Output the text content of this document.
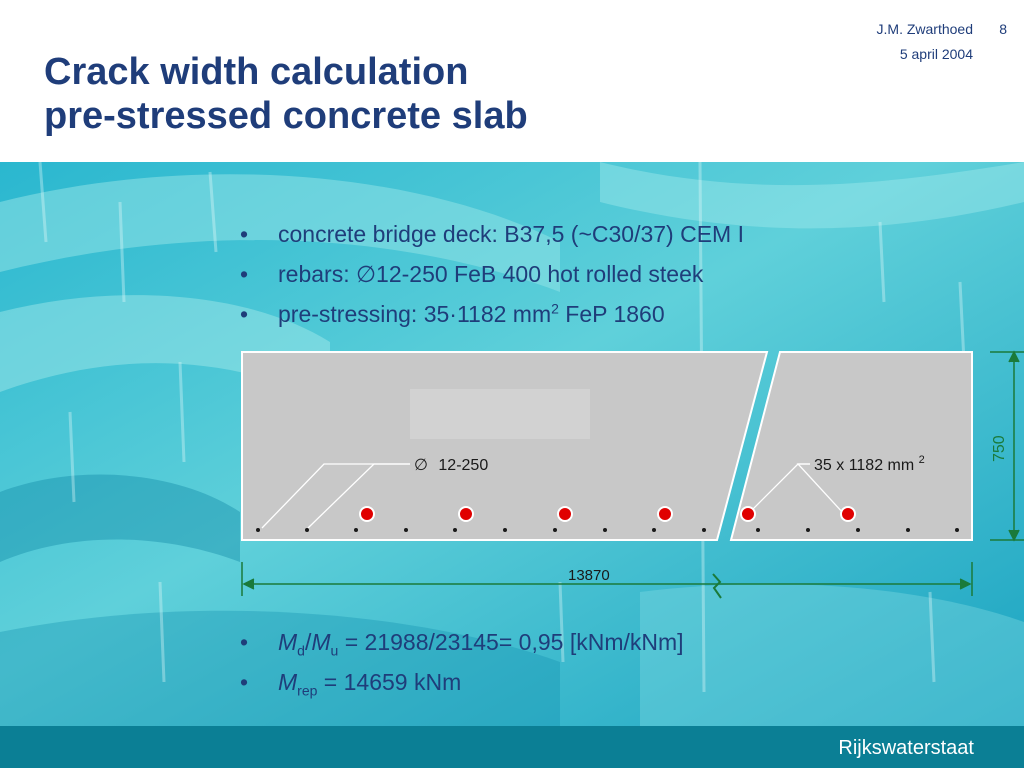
Crack width calculation
pre-stressed concrete slab
J.M. Zwarthoed 8
5 april 2004
• concrete bridge deck: B37,5 (~C30/37) CEM I
• rebars: ∅12-250 FeB 400 hot rolled steek
• pre-stressing: 35·1182 $mm^2$ FeP 1860
∅ 12-250	35 x 1182 mm $^2$	750
13870
• $M_d/M_u = 21988/23145= 0,95$ [kNm/kNm]
• $M_{rep} = 14659$ kNm
Rijkswaterstaat
